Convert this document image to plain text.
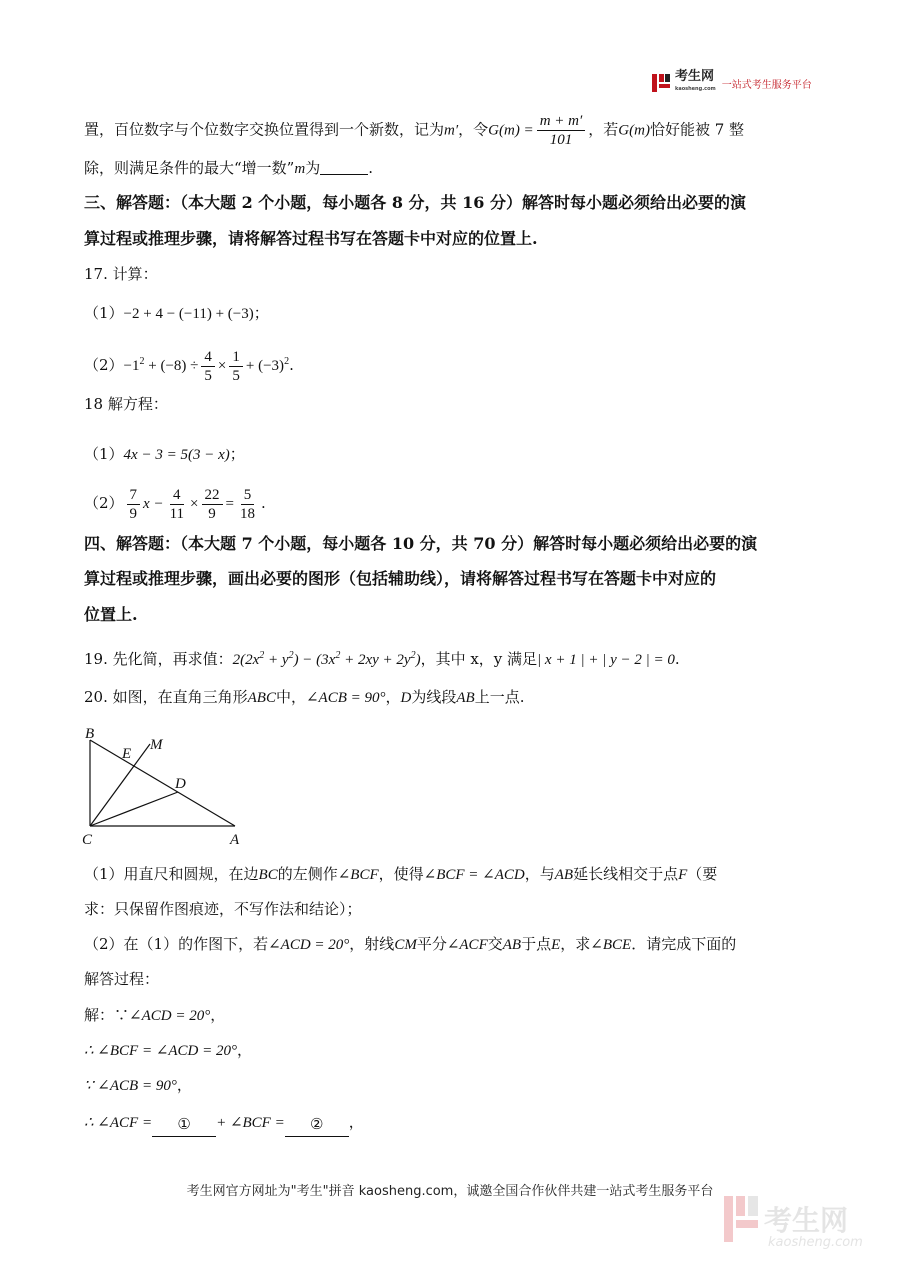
考生网
kaosheng.com 一站式考生服务平台
置，百位数字与个位数字交换位置得到一个新数，记为m′，令$G(m) = \frac{m + m'}{101}$ ，若G(m)恰好能被 7 整
除，则满足条件的最大“增一数”m为	.
三、解答题：（本大题 2 个小题，每小题各 8 分，共 16 分）解答时每小题必须给出必要的演
算过程或推理步骤，请将解答过程书写在答题卡中对应的位置上.
17. 计算：
（1）−2 + 4 − (−11) + (−3)；
$(2)-1^2 + (-8) \div \frac{4}{5} \times \frac{1}{5} + (-3)^2$.
18 解方程：
（1）4x − 3 = 5(3 − x)；
$(2) \frac{7}{9}$ $x - \frac{4}{11} \times \frac{22}{9} = \frac{5}{18}$ .
四、解答题：（本大题 7 个小题，每小题各 10 分，共 70 分）解答时每小题必须给出必要的演
算过程或推理步骤，画出必要的图形（包括辅助线），请将解答过程书写在答题卡中对应的
位置上.
19. 先化简，再求值：$2(2x^2 + y^2) - (3x^2 + 2xy + 2y^2)$，其中 x，y 满足| x + 1 | + | y − 2 | = 0.
20. 如图，在直角三角形ABC中，∠ACB = 90°，D为线段AB上一点.
B
E
M
D
C	A
（1）用直尺和圆规，在边BC的左侧作∠BCF，使得∠BCF = ∠ACD，与AB延长线相交于点F（要
求：只保留作图痕迹，不写作法和结论）；
（2）在（1）的作图下，若∠ACD = 20°，射线CM平分∠ACF交AB于点E，求∠BCE．请完成下面的
解答过程：
解：∵∠ACD = 20°，
∴ ∠BCF = ∠ACD = 20°，
∵ ∠ACB = 90°，
∴ ∠ACF = ① + ∠BCF = ② ，
考生网官方网址为"考生"拼音 kaosheng.com，诚邀全国合作伙伴共建一站式考生服务平台
考生网
kaosheng.com
